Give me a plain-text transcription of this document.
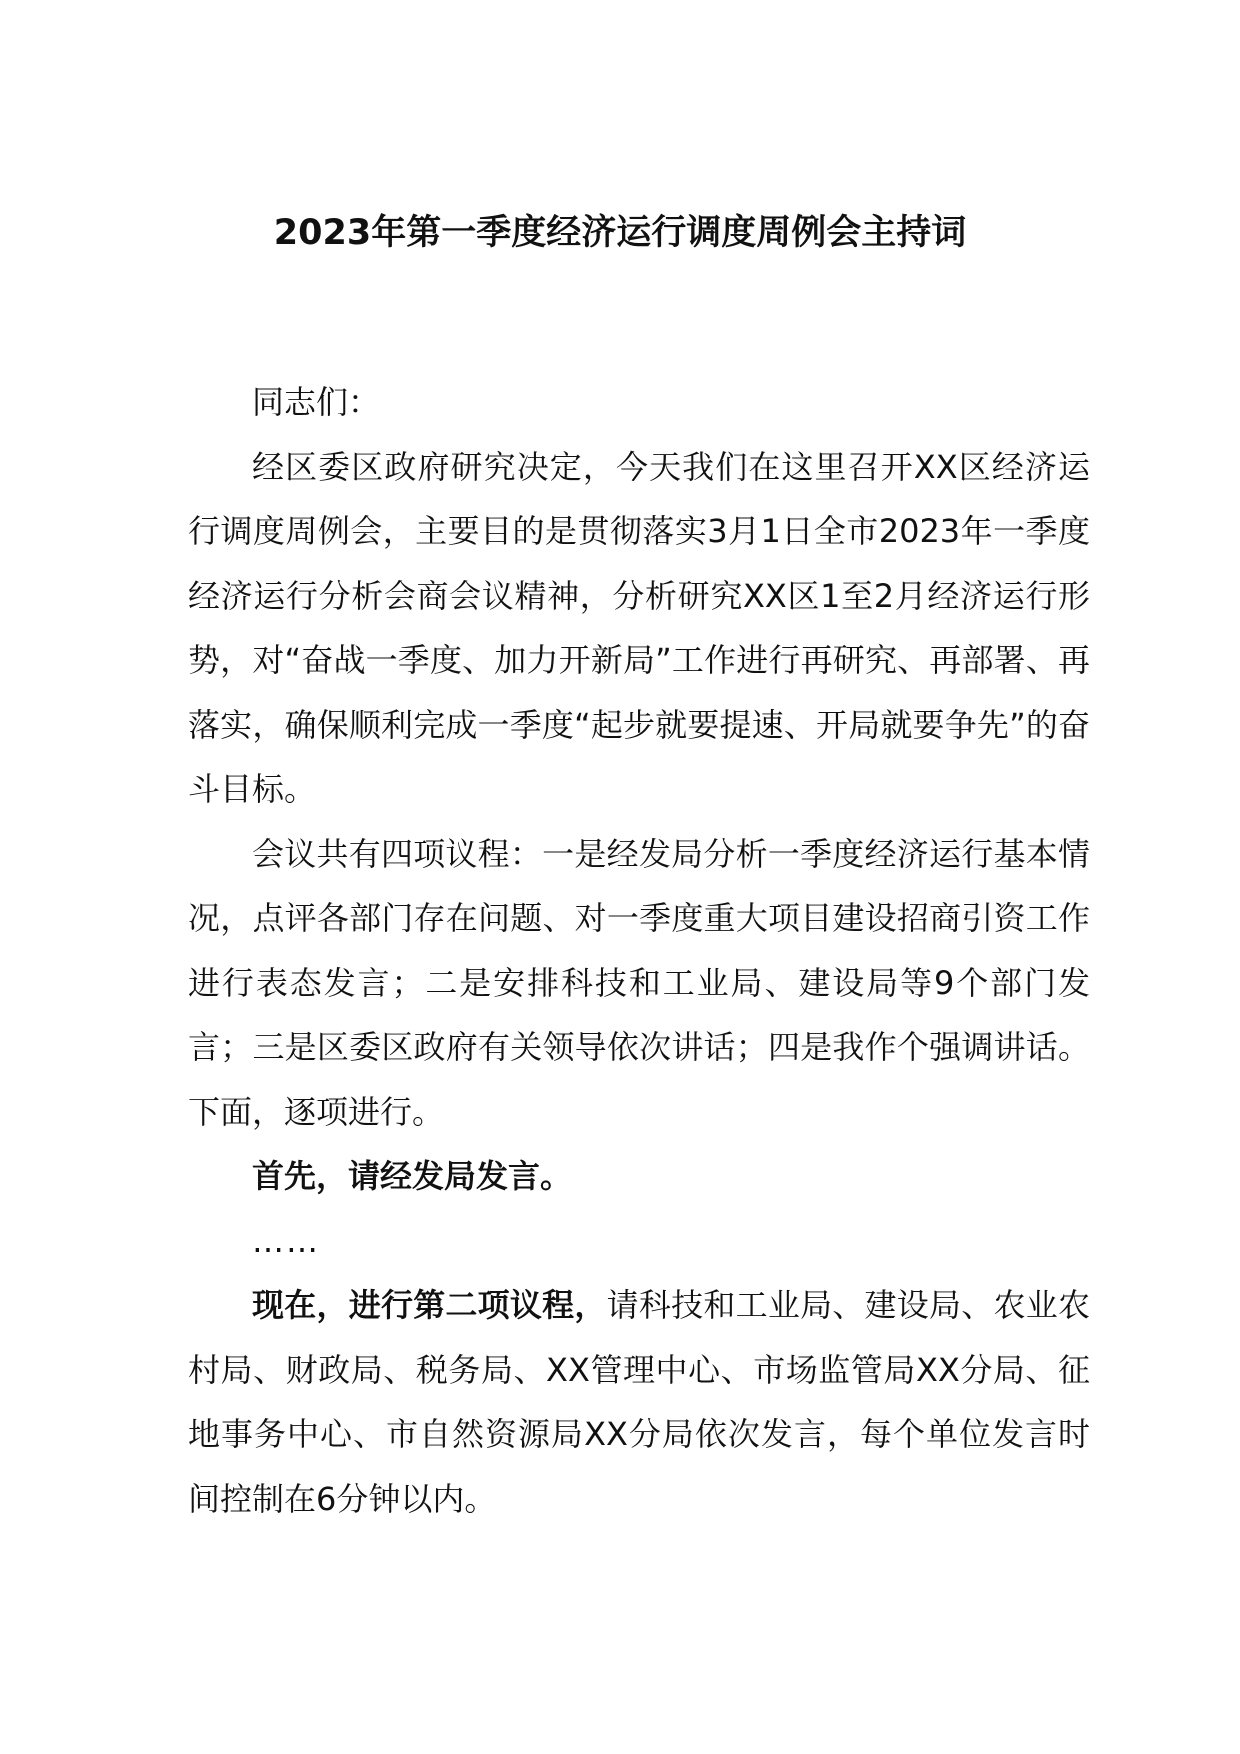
2023年第一季度经济运行调度周例会主持词

同志们：

经区委区政府研究决定，今天我们在这里召开XX区经济运行调度周例会，主要目的是贯彻落实3月1日全市2023年一季度经济运行分析会商会议精神，分析研究XX区1至2月经济运行形势，对“奋战一季度、加力开新局”工作进行再研究、再部署、再落实，确保顺利完成一季度“起步就要提速、开局就要争先”的奋斗目标。

会议共有四项议程：一是经发局分析一季度经济运行基本情况，点评各部门存在问题、对一季度重大项目建设招商引资工作进行表态发言；二是安排科技和工业局、建设局等9个部门发言；三是区委区政府有关领导依次讲话；四是我作个强调讲话。下面，逐项进行。

首先，请经发局发言。

……

现在，进行第二项议程，请科技和工业局、建设局、农业农村局、财政局、税务局、XX管理中心、市场监管局XX分局、征地事务中心、市自然资源局XX分局依次发言，每个单位发言时间控制在6分钟以内。
